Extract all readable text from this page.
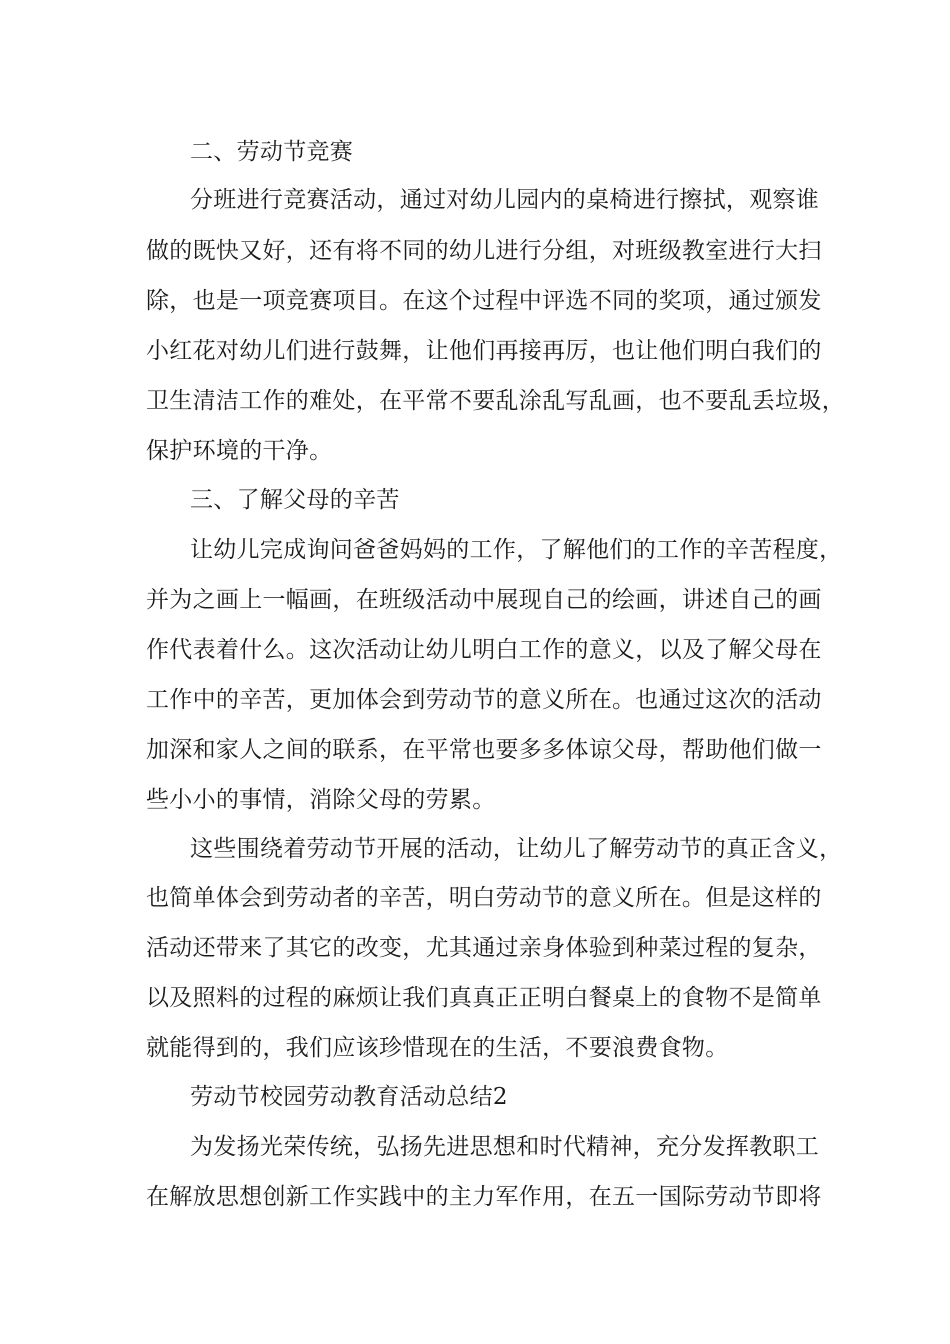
二、劳动节竞赛
分班进行竞赛活动，通过对幼儿园内的桌椅进行擦拭，观察谁
做的既快又好，还有将不同的幼儿进行分组，对班级教室进行大扫
除，也是一项竞赛项目。在这个过程中评选不同的奖项，通过颁发
小红花对幼儿们进行鼓舞，让他们再接再厉，也让他们明白我们的
卫生清洁工作的难处，在平常不要乱涂乱写乱画，也不要乱丢垃圾，
保护环境的干净。
三、了解父母的辛苦
让幼儿完成询问爸爸妈妈的工作，了解他们的工作的辛苦程度，
并为之画上一幅画，在班级活动中展现自己的绘画，讲述自己的画
作代表着什么。这次活动让幼儿明白工作的意义，以及了解父母在
工作中的辛苦，更加体会到劳动节的意义所在。也通过这次的活动
加深和家人之间的联系，在平常也要多多体谅父母，帮助他们做一
些小小的事情，消除父母的劳累。
这些围绕着劳动节开展的活动，让幼儿了解劳动节的真正含义，
也简单体会到劳动者的辛苦，明白劳动节的意义所在。但是这样的
活动还带来了其它的改变，尤其通过亲身体验到种菜过程的复杂，
以及照料的过程的麻烦让我们真真正正明白餐桌上的食物不是简单
就能得到的，我们应该珍惜现在的生活，不要浪费食物。
劳动节校园劳动教育活动总结2
为发扬光荣传统，弘扬先进思想和时代精神，充分发挥教职工
在解放思想创新工作实践中的主力军作用，在五一国际劳动节即将
